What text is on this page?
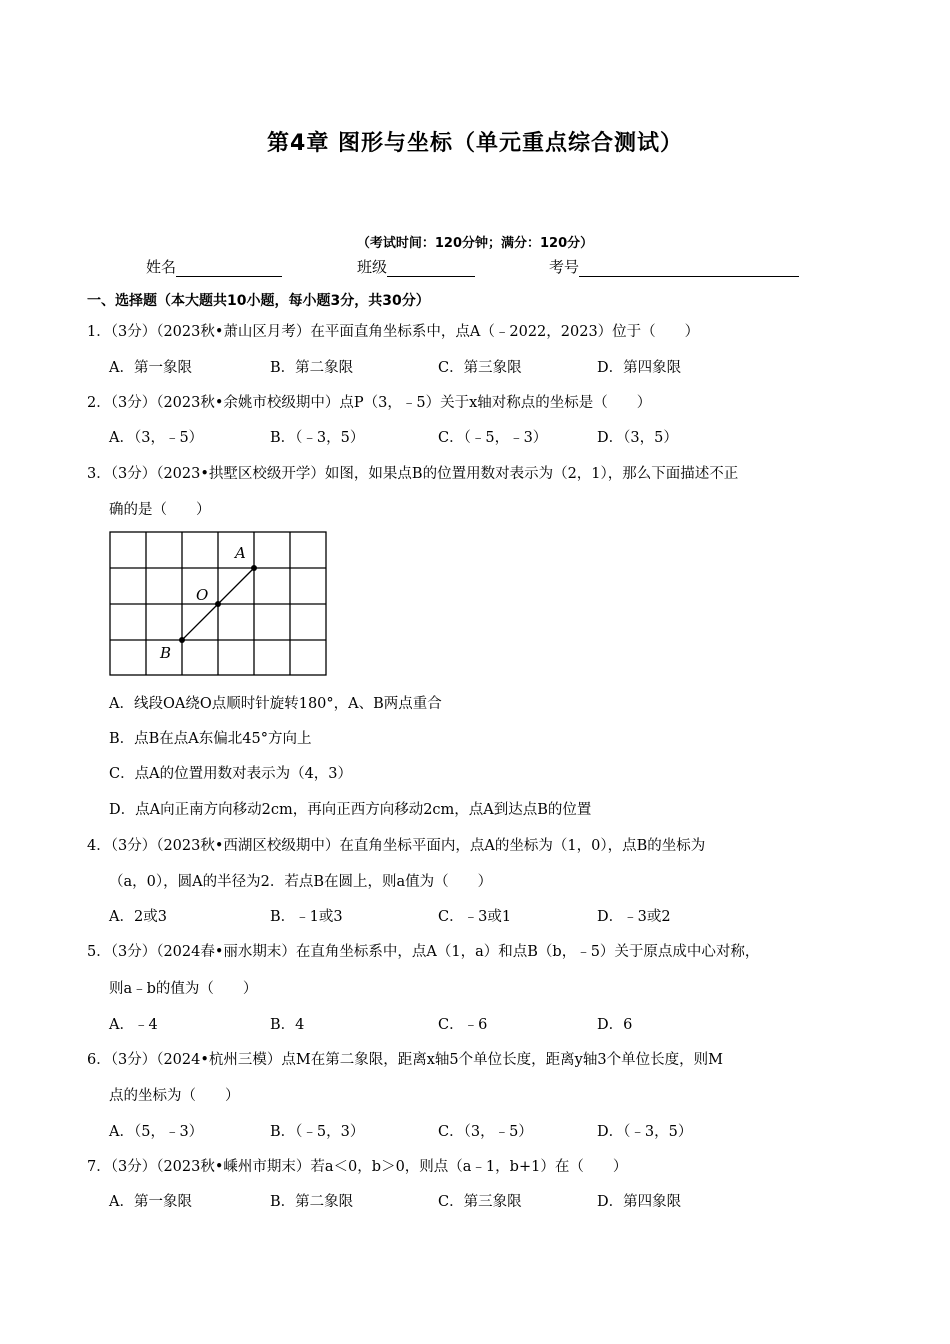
第4章 图形与坐标（单元重点综合测试）
（考试时间：120分钟；满分：120分）
姓名	班级	考号
一、选择题（本大题共10小题，每小题3分，共30分）
1．（3分）（2023秋•萧山区月考）在平面直角坐标系中，点A（﹣2022，2023）位于（　　）
A．第一象限	B．第二象限	C．第三象限	D．第四象限
2．（3分）（2023秋•余姚市校级期中）点P（3，﹣5）关于x轴对称点的坐标是（　　）
A．（3，﹣5）	B．（﹣3，5）	C．（﹣5，﹣3）	D．（3，5）
3．（3分）（2023•拱墅区校级开学）如图，如果点B的位置用数对表示为（2，1），那么下面描述不正
确的是（　　）
A
O
B
A．线段OA绕O点顺时针旋转180°，A、B两点重合
B．点B在点A东偏北45°方向上
C．点A的位置用数对表示为（4，3）
D．点A向正南方向移动2cm，再向正西方向移动2cm，点A到达点B的位置
4．（3分）（2023秋•西湖区校级期中）在直角坐标平面内，点A的坐标为（1，0），点B的坐标为
（a，0），圆A的半径为2．若点B在圆上，则a值为（　　）
A．2或3	B．﹣1或3	C．﹣3或1	D．﹣3或2
5．（3分）（2024春•丽水期末）在直角坐标系中，点A（1，a）和点B（b，﹣5）关于原点成中心对称，
则a﹣b的值为（　　）
A．﹣4	B．4	C．﹣6	D．6
6．（3分）（2024•杭州三模）点M在第二象限，距离x轴5个单位长度，距离y轴3个单位长度，则M
点的坐标为（　　）
A．（5，﹣3）	B．（﹣5，3）	C．（3，﹣5）	D．（﹣3，5）
7．（3分）（2023秋•嵊州市期末）若a＜0，b＞0，则点（a﹣1，b+1）在（　　）
A．第一象限	B．第二象限	C．第三象限	D．第四象限
